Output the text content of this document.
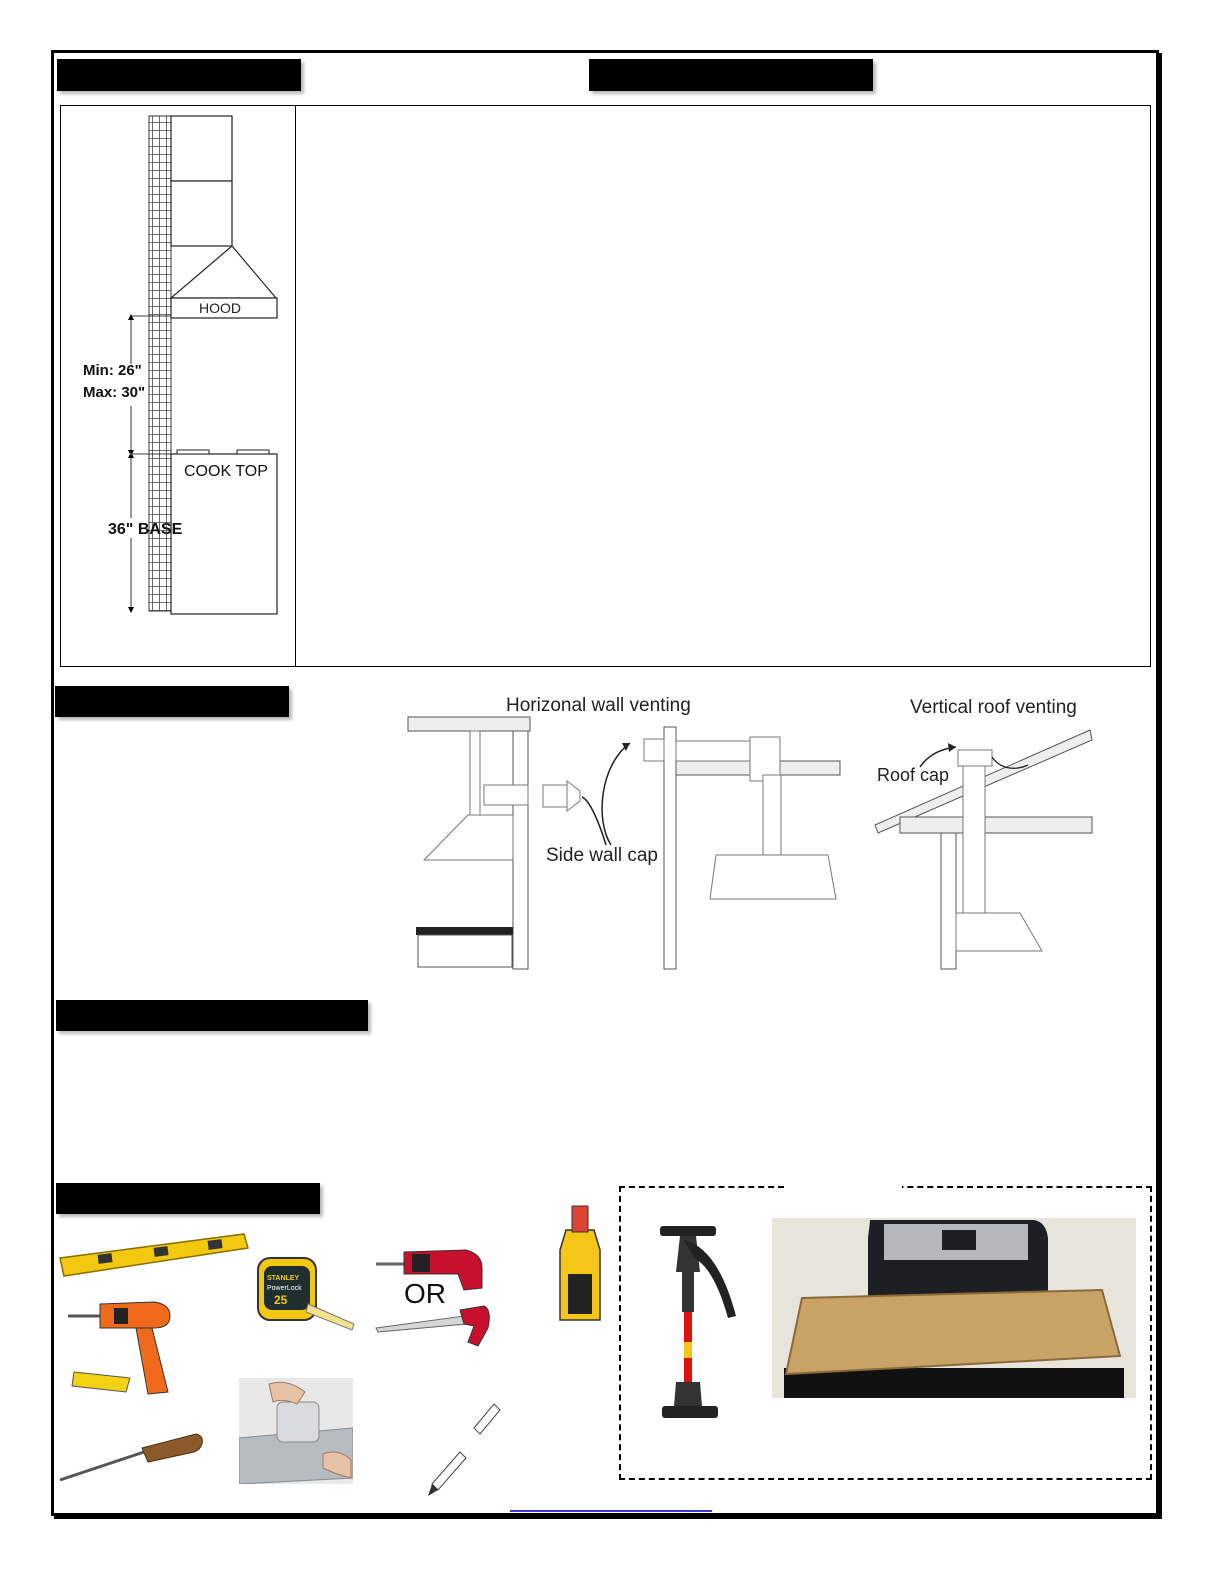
HOOD
Min: 26"
Max: 30"
COOK TOP
36" BASE
Horizonal wall venting	Vertical roof venting
Side wall cap
Roof cap
STANLEY
PowerLock
25	OR
